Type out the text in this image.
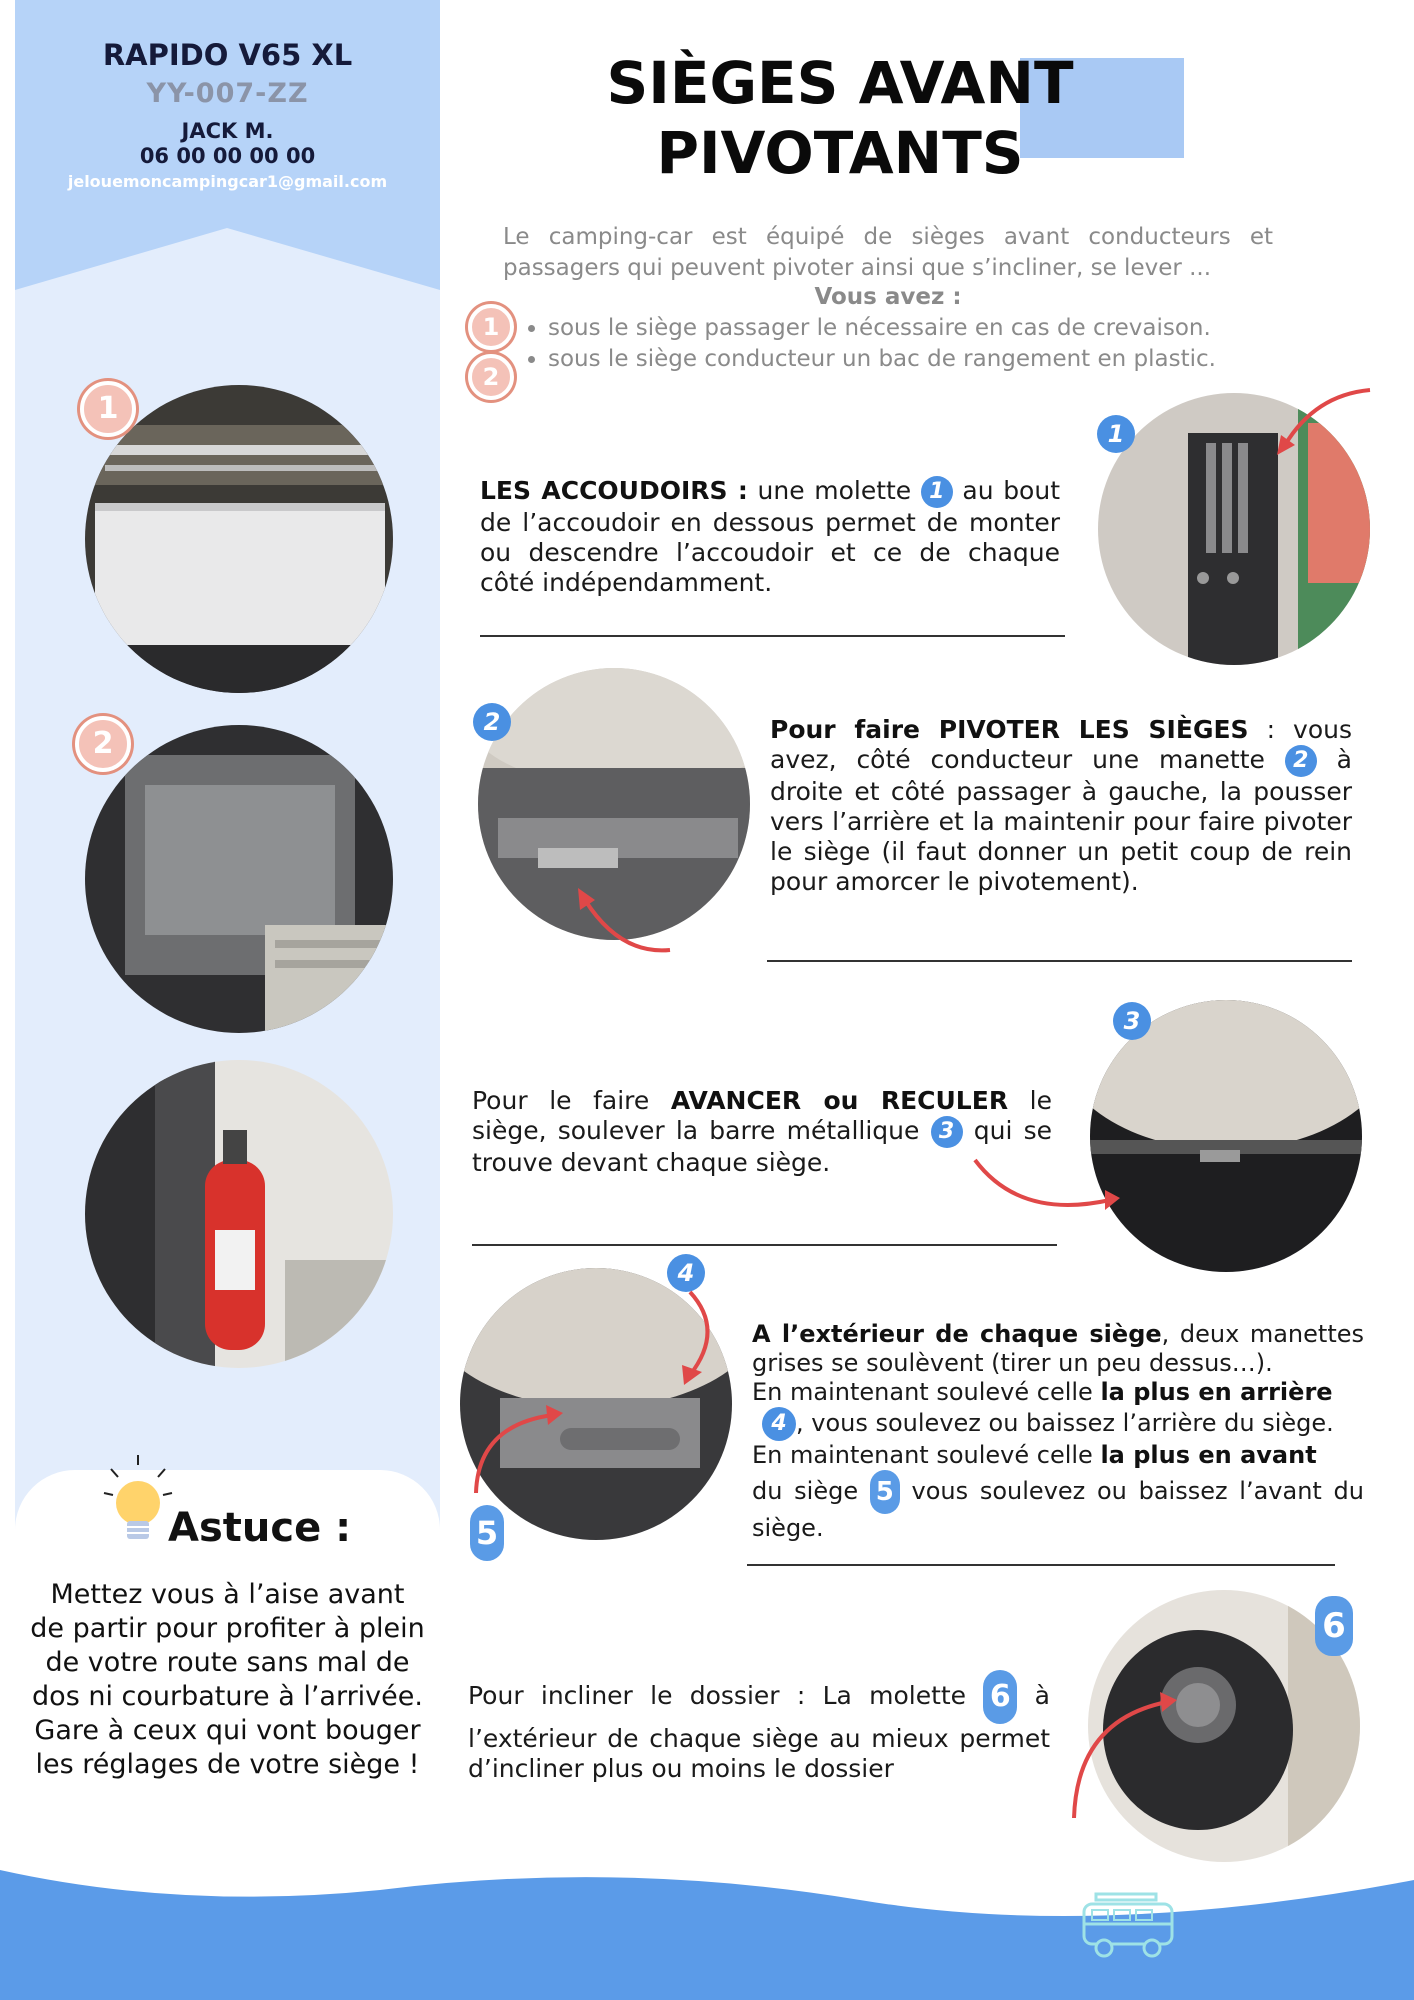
RAPIDO V65 XL
YY-007-ZZ
JACK M.
06 00 00 00 00
jelouemoncampingcar1@gmail.com
1
2
Astuce :
Mettez vous à l’aise avant de partir pour profiter à plein de votre route sans mal de dos ni courbature à l’arrivée. Gare à ceux qui vont bouger les réglages de votre siège !
SIÈGES AVANT
PIVOTANTS
Le camping-car est équipé de sièges avant conducteurs et passagers qui peuvent pivoter ainsi que s’incliner, se lever ...
Vous avez :
• sous le siège passager le nécessaire en cas de crevaison.
• sous le siège conducteur un bac de rangement en plastic.
1
2
LES ACCOUDOIRS : une molette 1 au bout de l’accoudoir en dessous permet de monter ou descendre l’accoudoir et ce de chaque côté indépendamment.
1
2	Pour faire PIVOTER LES SIÈGES : vous avez, côté conducteur une manette 2 à droite et côté passager à gauche, la pousser vers l’arrière et la maintenir pour faire pivoter le siège (il faut donner un petit coup de rein pour amorcer le pivotement).
Pour le faire AVANCER ou RECULER le siège, soulever la barre métallique 3 qui se trouve devant chaque siège.
3
4
5
A l’extérieur de chaque siège, deux manettes grises se soulèvent (tirer un peu dessus…).
En maintenant soulevé celle la plus en arrière
4 , vous soulevez ou baissez l’arrière du siège.
En maintenant soulevé celle la plus en avant
du siège 5 vous soulevez ou baissez l’avant du siège.
Pour incliner le dossier : La molette 6 à l’extérieur de chaque siège au mieux permet d’incliner plus ou moins le dossier
6
